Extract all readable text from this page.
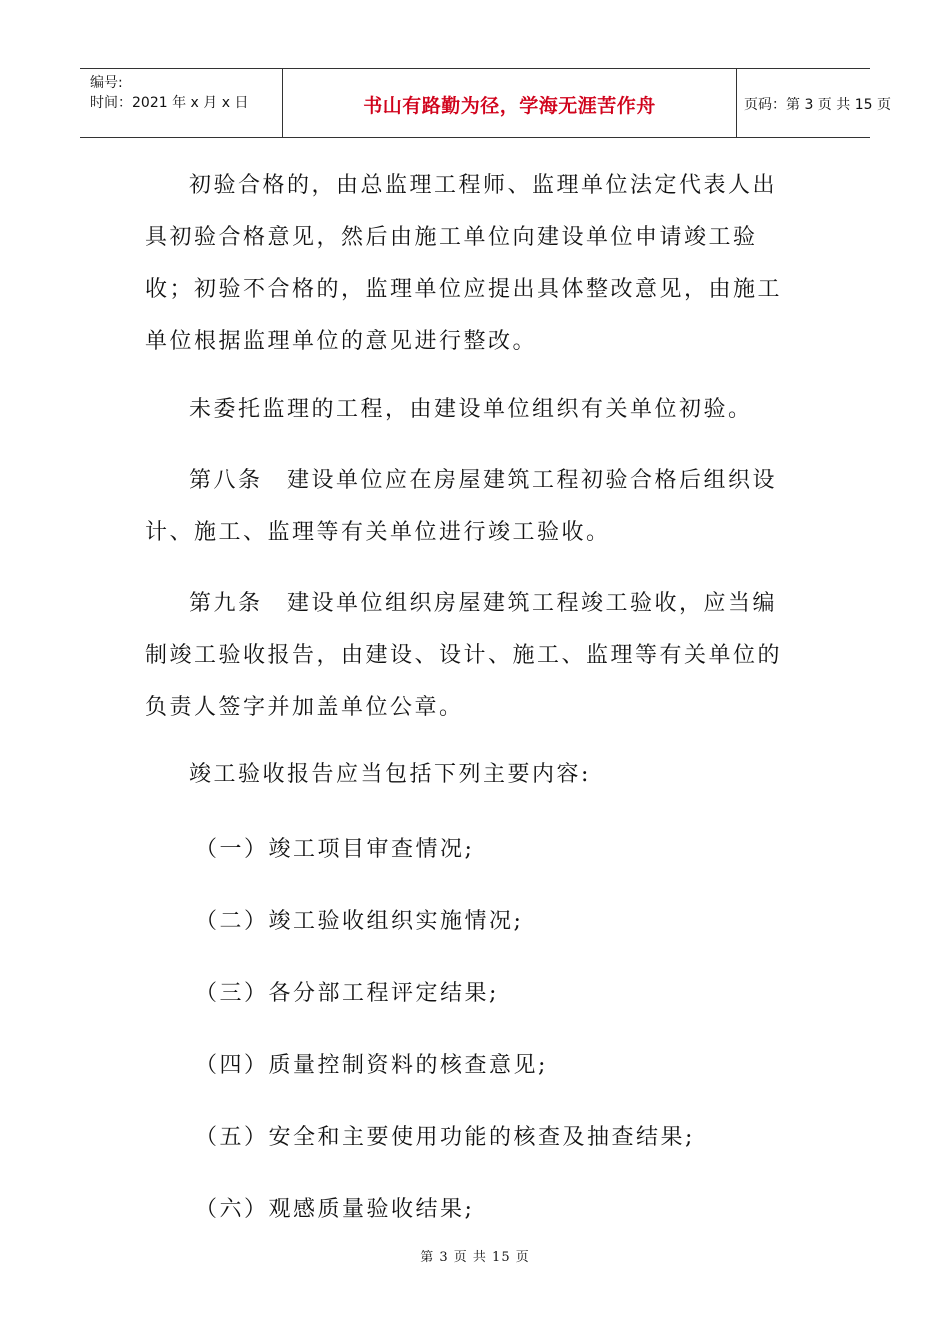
编号:
时间：2021 年 x 月 x 日	书山有路勤为径，学海无涯苦作舟	页码：第 3 页 共 15 页

初验合格的，由总监理工程师、监理单位法定代表人出具初验合格意见，然后由施工单位向建设单位申请竣工验收；初验不合格的，监理单位应提出具体整改意见，由施工单位根据监理单位的意见进行整改。

未委托监理的工程，由建设单位组织有关单位初验。

第八条　建设单位应在房屋建筑工程初验合格后组织设计、施工、监理等有关单位进行竣工验收。

第九条　建设单位组织房屋建筑工程竣工验收，应当编制竣工验收报告，由建设、设计、施工、监理等有关单位的负责人签字并加盖单位公章。

竣工验收报告应当包括下列主要内容:

（一）竣工项目审查情况;

（二）竣工验收组织实施情况;

（三）各分部工程评定结果;

（四）质量控制资料的核查意见;

（五）安全和主要使用功能的核查及抽查结果;

（六）观感质量验收结果;

第 3 页 共 15 页
